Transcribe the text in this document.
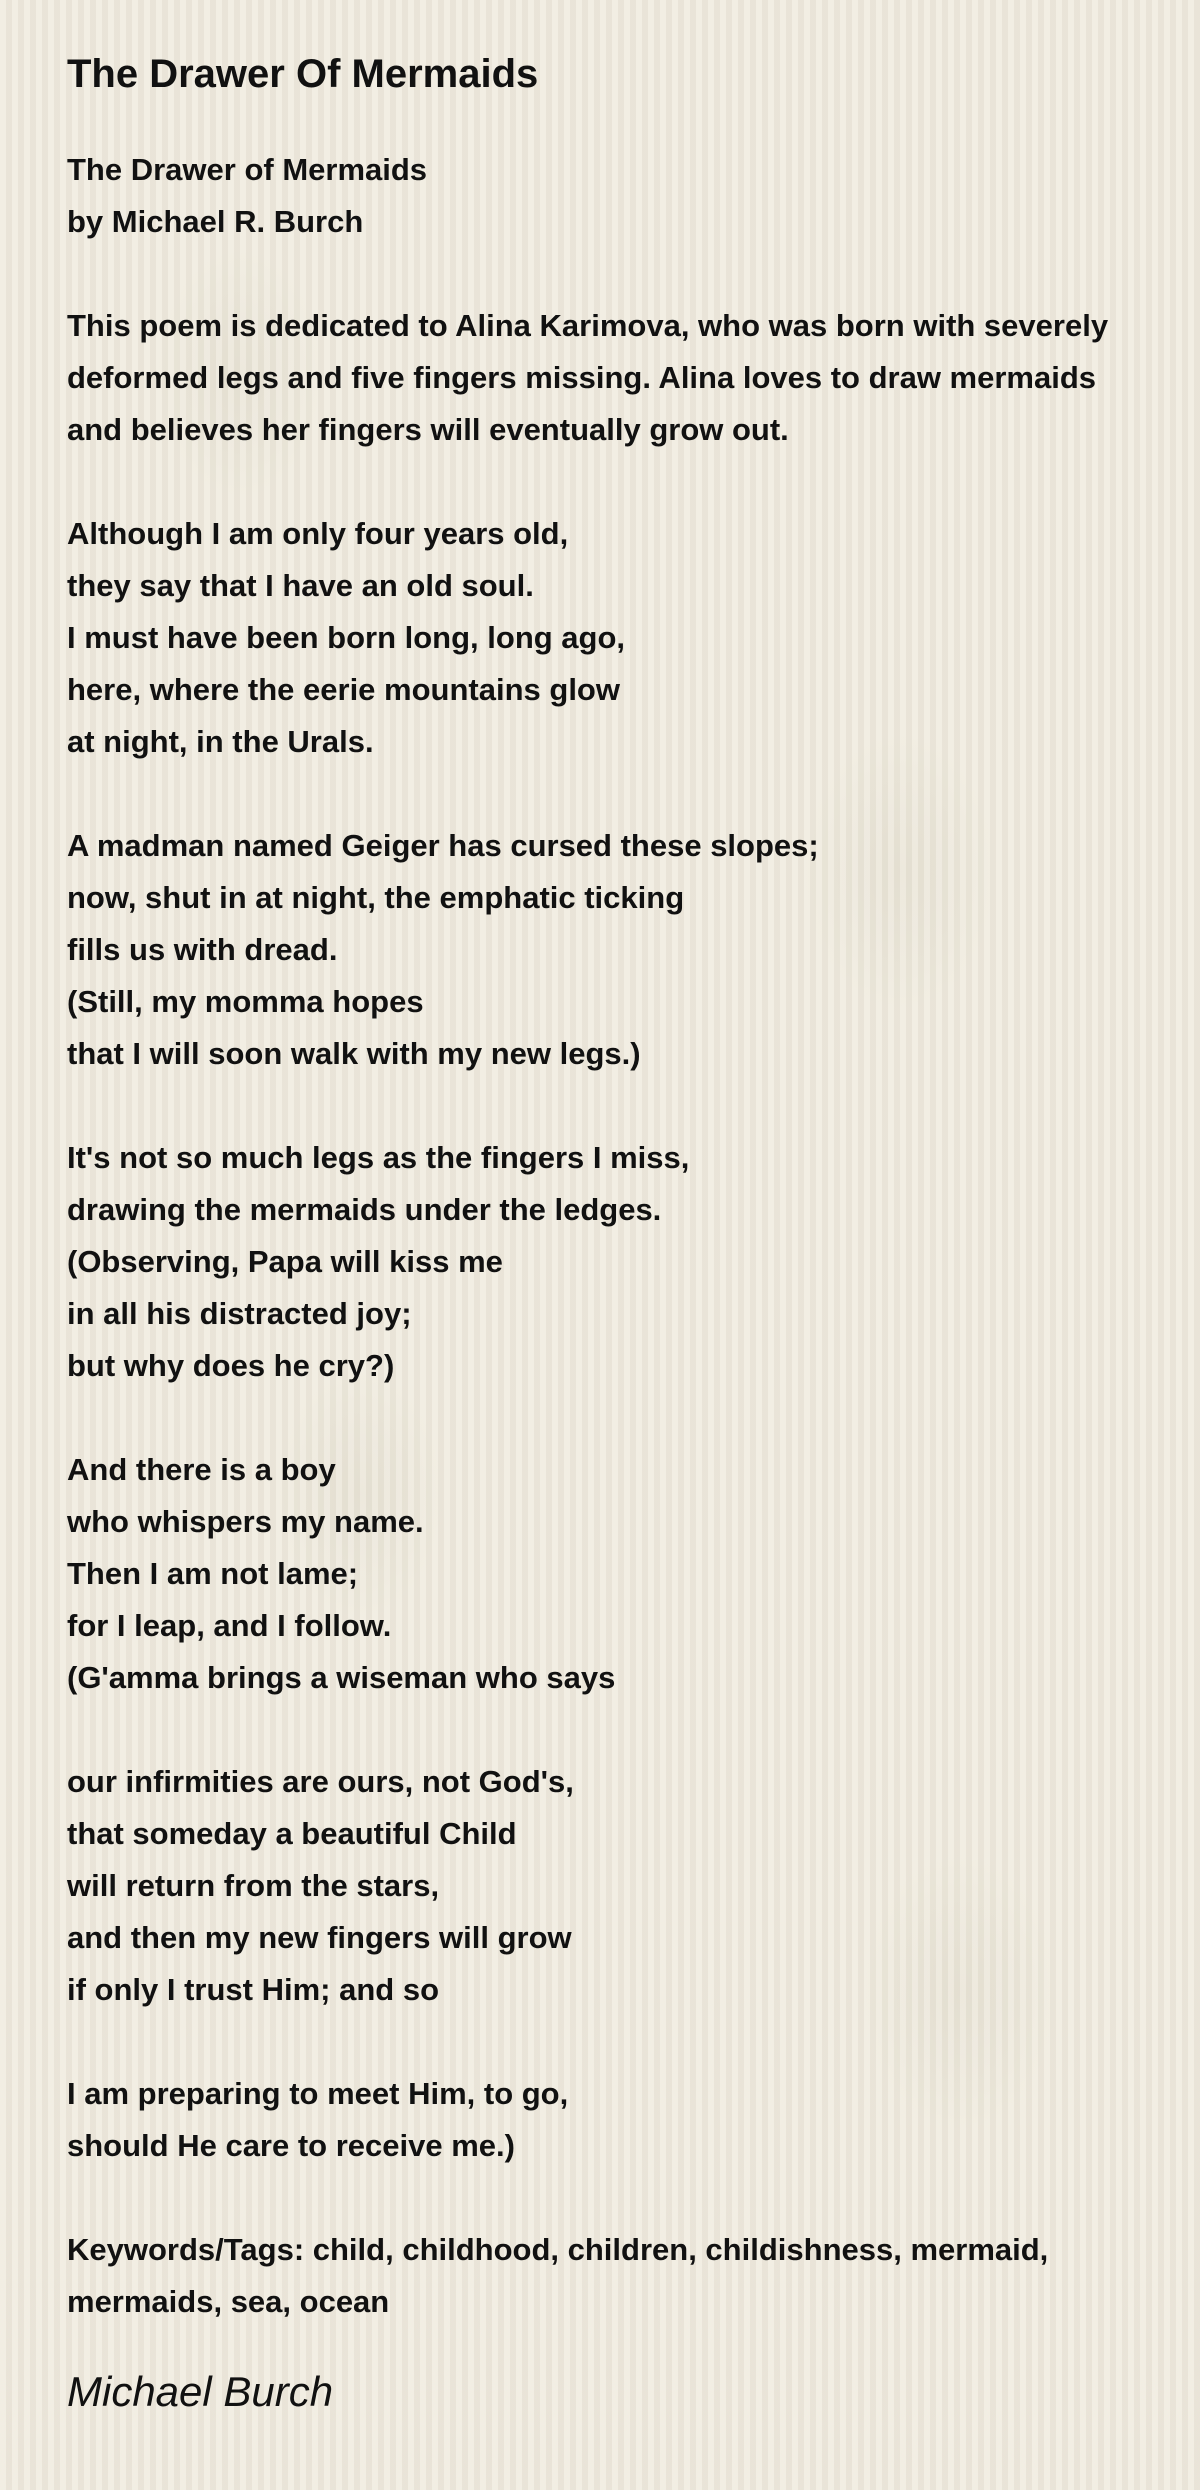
The Drawer Of Mermaids
The Drawer of Mermaids
by Michael R. Burch
This poem is dedicated to Alina Karimova, who was born with severely deformed legs and five fingers missing. Alina loves to draw mermaids and believes her fingers will eventually grow out.
Although I am only four years old,
they say that I have an old soul.
I must have been born long, long ago,
here, where the eerie mountains glow
at night, in the Urals.
A madman named Geiger has cursed these slopes;
now, shut in at night, the emphatic ticking
fills us with dread.
(Still, my momma hopes
that I will soon walk with my new legs.)
It's not so much legs as the fingers I miss,
drawing the mermaids under the ledges.
(Observing, Papa will kiss me
in all his distracted joy;
but why does he cry?)
And there is a boy
who whispers my name.
Then I am not lame;
for I leap, and I follow.
(G'amma brings a wiseman who says
our infirmities are ours, not God's,
that someday a beautiful Child
will return from the stars,
and then my new fingers will grow
if only I trust Him; and so
I am preparing to meet Him, to go,
should He care to receive me.)

Keywords/Tags: child, childhood, children, childishness, mermaid, mermaids, sea, ocean

Michael Burch
